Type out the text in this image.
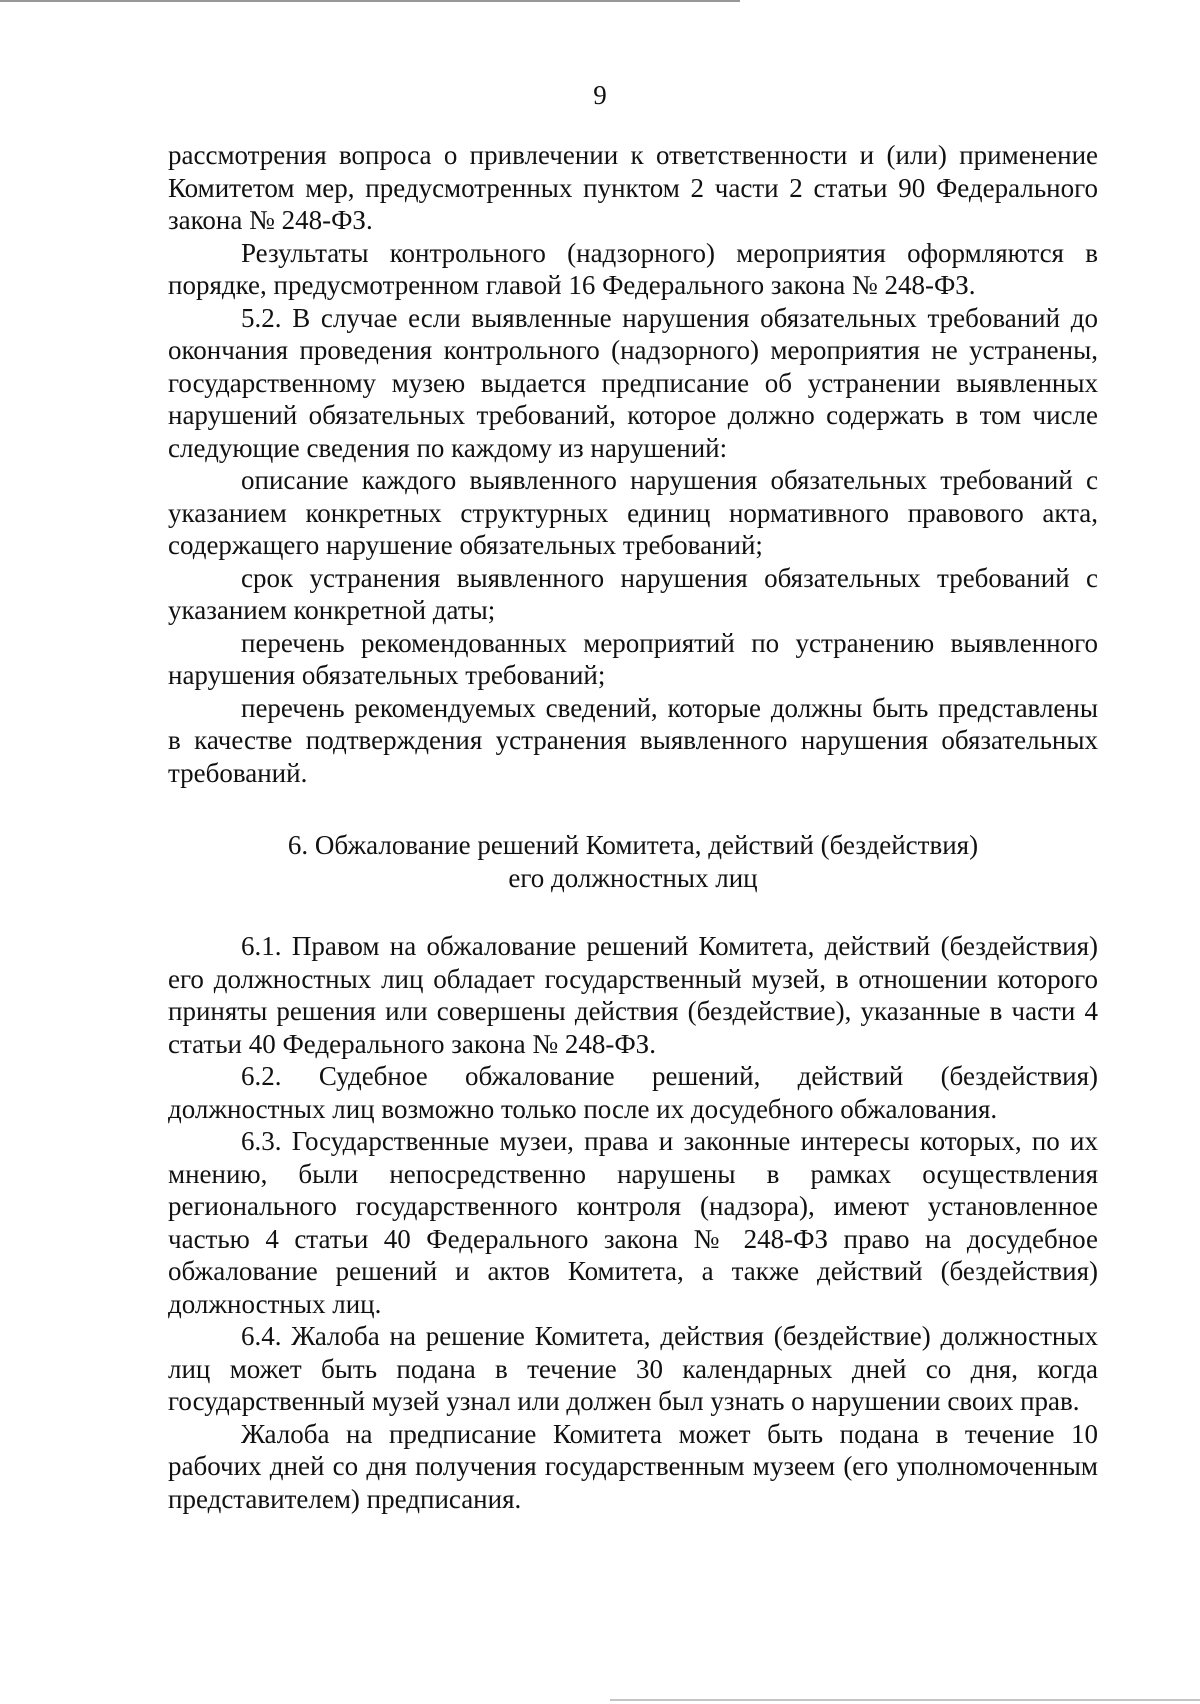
9

рассмотрения вопроса о привлечении к ответственности и (или) применение Комитетом мер, предусмотренных пунктом 2 части 2 статьи 90 Федерального закона № 248-ФЗ.

Результаты контрольного (надзорного) мероприятия оформляются в порядке, предусмотренном главой 16 Федерального закона № 248-ФЗ.

5.2. В случае если выявленные нарушения обязательных требований до окончания проведения контрольного (надзорного) мероприятия не устранены, государственному музею выдается предписание об устранении выявленных нарушений обязательных требований, которое должно содержать в том числе следующие сведения по каждому из нарушений:

описание каждого выявленного нарушения обязательных требований с указанием конкретных структурных единиц нормативного правового акта, содержащего нарушение обязательных требований;

срок устранения выявленного нарушения обязательных требований с указанием конкретной даты;

перечень рекомендованных мероприятий по устранению выявленного нарушения обязательных требований;

перечень рекомендуемых сведений, которые должны быть представлены в качестве подтверждения устранения выявленного нарушения обязательных требований.

6. Обжалование решений Комитета, действий (бездействия)

его должностных лиц

6.1. Правом на обжалование решений Комитета, действий (бездействия) его должностных лиц обладает государственный музей, в отношении которого приняты решения или совершены действия (бездействие), указанные в части 4 статьи 40 Федерального закона № 248-ФЗ.

6.2. Судебное обжалование решений, действий (бездействия) должностных лиц возможно только после их досудебного обжалования.

6.3. Государственные музеи, права и законные интересы которых, по их мнению, были непосредственно нарушены в рамках осуществления регионального государственного контроля (надзора), имеют установленное частью 4 статьи 40 Федерального закона № 248-ФЗ право на досудебное обжалование решений и актов Комитета, а также действий (бездействия) должностных лиц.

6.4. Жалоба на решение Комитета, действия (бездействие) должностных лиц может быть подана в течение 30 календарных дней со дня, когда государственный музей узнал или должен был узнать о нарушении своих прав.

Жалоба на предписание Комитета может быть подана в течение 10 рабочих дней со дня получения государственным музеем (его уполномоченным представителем) предписания.
